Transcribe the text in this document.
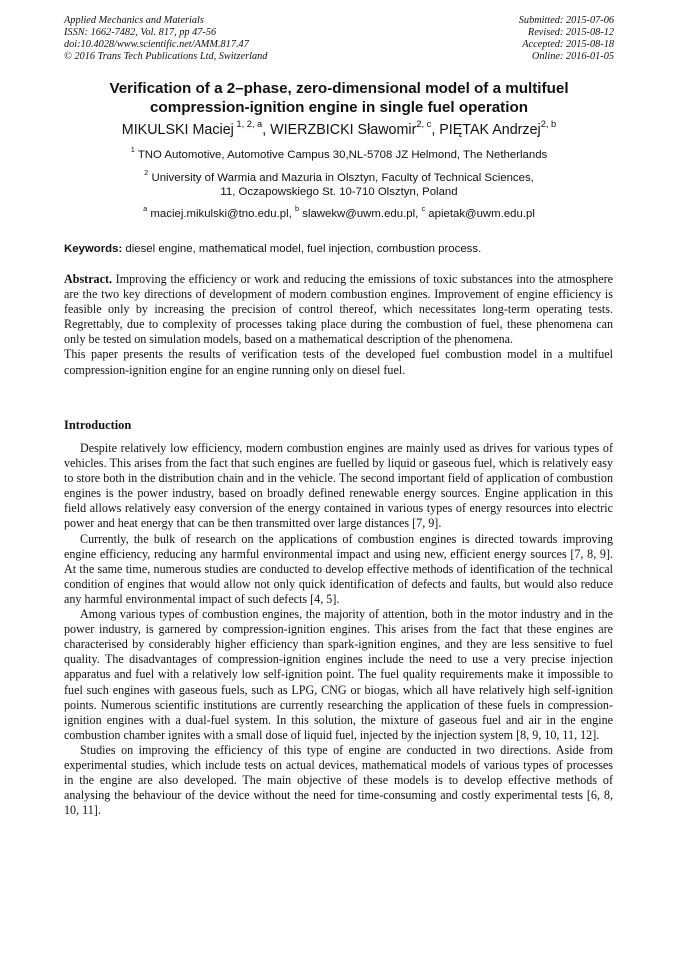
Applied Mechanics and Materials
ISSN: 1662-7482, Vol. 817, pp 47-56
doi:10.4028/www.scientific.net/AMM.817.47
© 2016 Trans Tech Publications Ltd, Switzerland
Submitted: 2015-07-06
Revised: 2015-08-12
Accepted: 2015-08-18
Online: 2016-01-05
Verification of a 2–phase, zero-dimensional model of a multifuel
compression-ignition engine in single fuel operation
MIKULSKI Maciej $^{1, 2, a}$, WIERZBICKI Sławomir$^{2, c}$, PIĘTAK Andrzej$^{2, b}$
$^1$ TNO Automotive, Automotive Campus 30,NL-5708 JZ Helmond, The Netherlands
$^2$ University of Warmia and Mazuria in Olsztyn, Faculty of Technical Sciences,
11, Oczapowskiego St. 10-710 Olsztyn, Poland
$^a$ maciej.mikulski@tno.edu.pl, $^b$ slawekw@uwm.edu.pl, $^c$ apietak@uwm.edu.pl
Keywords: diesel engine, mathematical model, fuel injection, combustion process.

Abstract. Improving the efficiency or work and reducing the emissions of toxic substances into the atmosphere are the two key directions of development of modern combustion engines. Improvement of engine efficiency is feasible only by increasing the precision of control thereof, which necessitates long-term operating tests. Regrettably, due to complexity of processes taking place during the combustion of fuel, these phenomena can only be tested on simulation models, based on a mathematical description of the phenomena.

This paper presents the results of verification tests of the developed fuel combustion model in a multifuel compression-ignition engine for an engine running only on diesel fuel.

Introduction

Despite relatively low efficiency, modern combustion engines are mainly used as drives for various types of vehicles. This arises from the fact that such engines are fuelled by liquid or gaseous fuel, which is relatively easy to store both in the distribution chain and in the vehicle. The second important field of application of combustion engines is the power industry, based on broadly defined renewable energy sources. Engine application in this field allows relatively easy conversion of the energy contained in various types of energy resources into electric power and heat energy that can be then transmitted over large distances [7, 9].

Currently, the bulk of research on the applications of combustion engines is directed towards improving engine efficiency, reducing any harmful environmental impact and using new, efficient energy sources [7, 8, 9]. At the same time, numerous studies are conducted to develop effective methods of identification of the technical condition of engines that would allow not only quick identification of defects and faults, but would also reduce any harmful environmental impact of such defects [4, 5].

Among various types of combustion engines, the majority of attention, both in the motor industry and in the power industry, is garnered by compression-ignition engines. This arises from the fact that these engines are characterised by considerably higher efficiency than spark-ignition engines, and they are less sensitive to fuel quality. The disadvantages of compression-ignition engines include the need to use a very precise injection apparatus and fuel with a relatively low self-ignition point. The fuel quality requirements make it impossible to fuel such engines with gaseous fuels, such as LPG, CNG or biogas, which all have relatively high self-ignition points. Numerous scientific institutions are currently researching the application of these fuels in compression-ignition engines with a dual-fuel system. In this solution, the mixture of gaseous fuel and air in the engine combustion chamber ignites with a small dose of liquid fuel, injected by the injection system [8, 9, 10, 11, 12].

Studies on improving the efficiency of this type of engine are conducted in two directions. Aside from experimental studies, which include tests on actual devices, mathematical models of various types of processes in the engine are also developed. The main objective of these models is to develop effective methods of analysing the behaviour of the device without the need for time-consuming and costly experimental tests [6, 8, 10, 11].
